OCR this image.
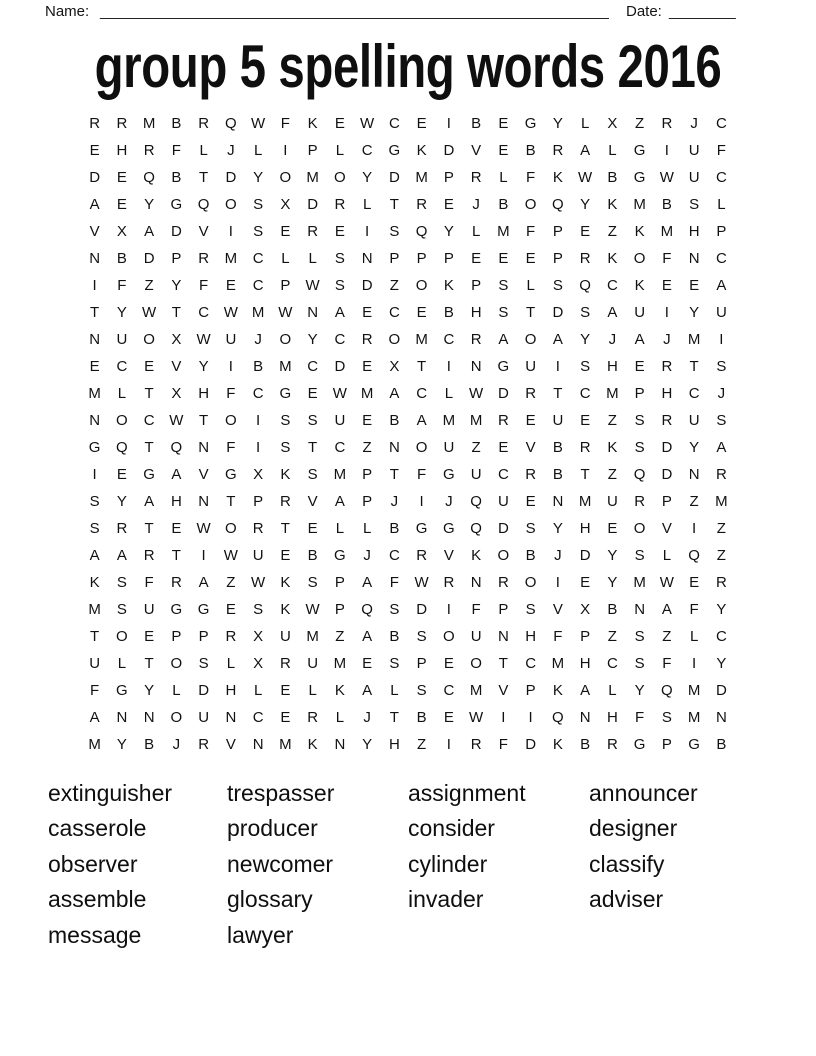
Name: _____________________________________________________________ Date: ________
group 5 spelling words 2016
R	R	M	B	R	Q W	F	K	E	W C	E	I	B	E	G	Y	L	X	Z	R	J	C
E	H	R	F	L	J	L	I	P	L	C	G	K	D	V	E	B	R	A	L	G	I	U	F
D	E	Q	B	T	D	Y	O	M	O	Y	D	M	P	R	L	F	K	W	B	G W U	C
A	E	Y	G	Q	O	S	X	D	R	L	T	R	E	J	B	O	Q	Y	K	M	B	S	L
V	X	A	D	V	I	S	E	R	E	I	S	Q	Y	L	M	F	P	E	Z	K	M	H	P
N	B	D	P	R	M	C	L	L	S	N	P	P	P	E	E	E	P	R	K	O	F	N	C
I	F	Z	Y	F	E	C	P	W	S	D	Z	O	K	P	S	L	S	Q	C	K	E	E	A
T	Y	W	T	C W M W N	A	E	C	E	B	H	S	T	D	S	A	U	I	Y	U
N	U	O	X	W U	J	O	Y	C	R	O	M	C	R	A	O	A	Y	J	A	J	M	I
E	C	E	V	Y	I	B	M	C	D	E	X	T	I	N	G	U	I	S	H	E	R	T	S
M	L	T	X	H	F	C	G	E	W M	A	C	L	W D	R	T	C	M	P	H	C	J
N	O	C W	T	O	I	S	S	U	E	B	A	M M	R	E	U	E	Z	S	R	U	S
G	Q	T	Q	N	F	I	S	T	C	Z	N	O	U	Z	E	V	B	R	K	S	D	Y	A
I	E	G	A	V	G	X	K	S	M	P	T	F	G	U	C	R	B	T	Z	Q	D	N	R
S	Y	A	H	N	T	P	R	V	A	P	J	I	J	Q	U	E	N	M	U	R	P	Z	M
S	R	T	E	W O	R	T	E	L	L	B	G	G	Q	D	S	Y	H	E	O	V	I	Z
A	A	R	T	I	W U	E	B	G	J	C	R	V	K	O	B	J	D	Y	S	L	Q	Z
K	S	F	R	A	Z	W	K	S	P	A	F	W R	N	R	O	I	E	Y	M W	E	R
M	S	U	G	G	E	S	K	W	P	Q	S	D	I	F	P	S	V	X	B	N	A	F	Y
T	O	E	P	P	R	X	U	M	Z	A	B	S	O	U	N	H	F	P	Z	S	Z	L	C
U	L	T	O	S	L	X	R	U	M	E	S	P	E	O	T	C	M	H	C	S	F	I	Y
F	G	Y	L	D	H	L	E	L	K	A	L	S	C	M	V	P	K	A	L	Y	Q	M	D
A	N	N	O	U	N	C	E	R	L	J	T	B	E	W	I	I	Q	N	H	F	S	M	N
M	Y	B	J	R	V	N	M	K	N	Y	H	Z	I	R	F	D	K	B	R	G	P	G	B
extinguisher
casserole
observer
assemble
message
trespasser
producer
newcomer
glossary
lawyer
assignment
consider
cylinder
invader
announcer
designer
classify
adviser
